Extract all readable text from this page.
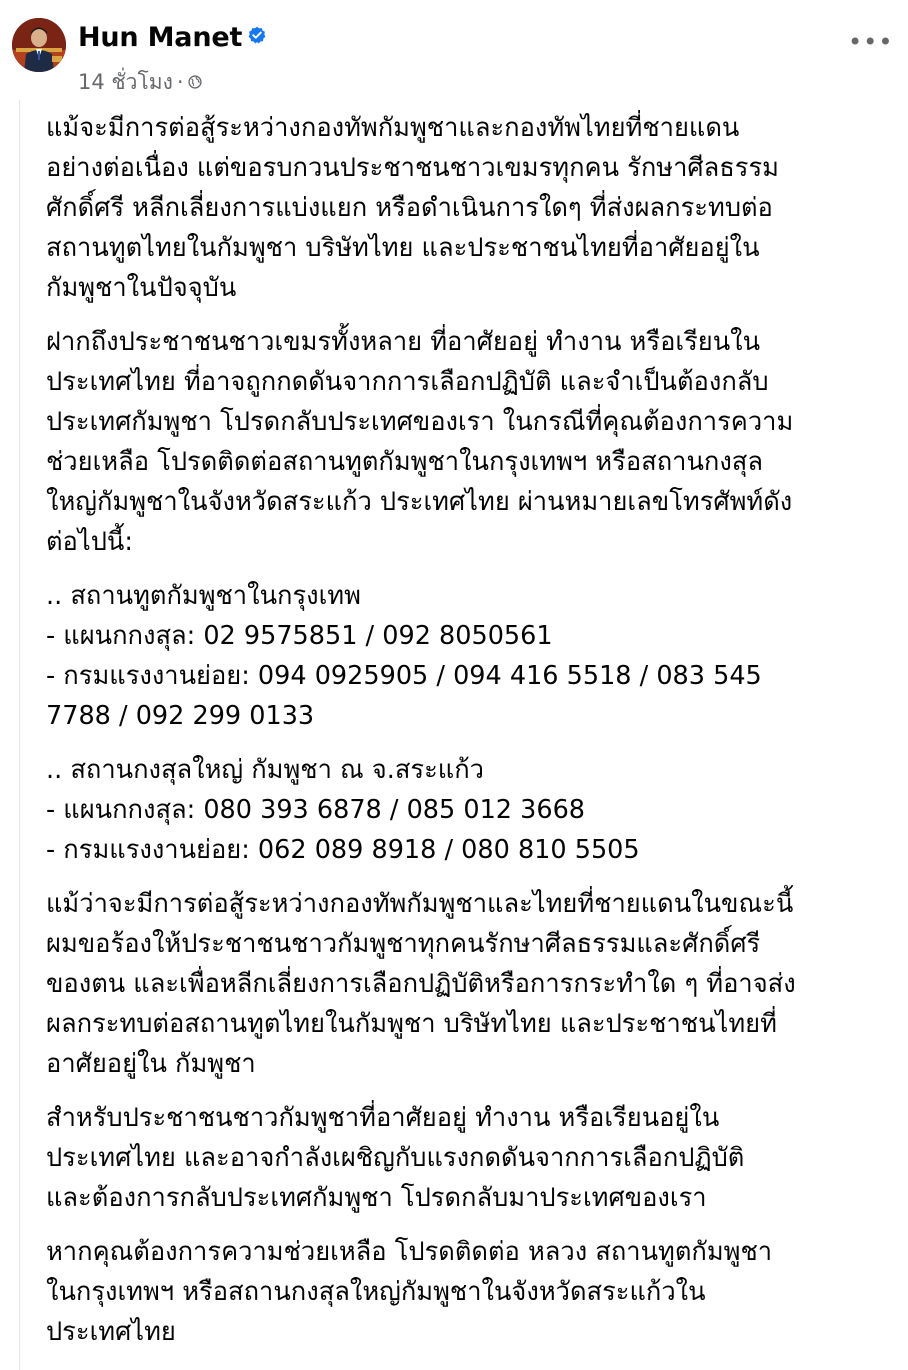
Hun Manet
14 ชั่วโมง ·
•••

แม้จะมีการต่อสู้ระหว่างกองทัพกัมพูชาและกองทัพไทยที่ชายแดน
อย่างต่อเนื่อง แต่ขอรบกวนประชาชนชาวเขมรทุกคน รักษาศีลธรรม
ศักดิ์ศรี หลีกเลี่ยงการแบ่งแยก หรือดำเนินการใดๆ ที่ส่งผลกระทบต่อ
สถานทูตไทยในกัมพูชา บริษัทไทย และประชาชนไทยที่อาศัยอยู่ใน
กัมพูชาในปัจจุบัน

ฝากถึงประชาชนชาวเขมรทั้งหลาย ที่อาศัยอยู่ ทำงาน หรือเรียนใน
ประเทศไทย ที่อาจถูกกดดันจากการเลือกปฏิบัติ และจำเป็นต้องกลับ
ประเทศกัมพูชา โปรดกลับประเทศของเรา ในกรณีที่คุณต้องการความ
ช่วยเหลือ โปรดติดต่อสถานทูตกัมพูชาในกรุงเทพฯ หรือสถานกงสุล
ใหญ่กัมพูชาในจังหวัดสระแก้ว ประเทศไทย ผ่านหมายเลขโทรศัพท์ดัง
ต่อไปนี้:

.. สถานทูตกัมพูชาในกรุงเทพ
- แผนกกงสุล: 02 9575851 / 092 8050561
- กรมแรงงานย่อย: 094 0925905 / 094 416 5518 / 083 545
7788 / 092 299 0133

.. สถานกงสุลใหญ่ กัมพูชา ณ จ.สระแก้ว
- แผนกกงสุล: 080 393 6878 / 085 012 3668
- กรมแรงงานย่อย: 062 089 8918 / 080 810 5505

แม้ว่าจะมีการต่อสู้ระหว่างกองทัพกัมพูชาและไทยที่ชายแดนในขณะนี้
ผมขอร้องให้ประชาชนชาวกัมพูชาทุกคนรักษาศีลธรรมและศักดิ์ศรี
ของตน และเพื่อหลีกเลี่ยงการเลือกปฏิบัติหรือการกระทำใด ๆ ที่อาจส่ง
ผลกระทบต่อสถานทูตไทยในกัมพูชา บริษัทไทย และประชาชนไทยที่
อาศัยอยู่ใน กัมพูชา

สำหรับประชาชนชาวกัมพูชาที่อาศัยอยู่ ทำงาน หรือเรียนอยู่ใน
ประเทศไทย และอาจกำลังเผชิญกับแรงกดดันจากการเลือกปฏิบัติ
และต้องการกลับประเทศกัมพูชา โปรดกลับมาประเทศของเรา

หากคุณต้องการความช่วยเหลือ โปรดติดต่อ หลวง สถานทูตกัมพูชา
ในกรุงเทพฯ หรือสถานกงสุลใหญ่กัมพูชาในจังหวัดสระแก้วใน
ประเทศไทย
